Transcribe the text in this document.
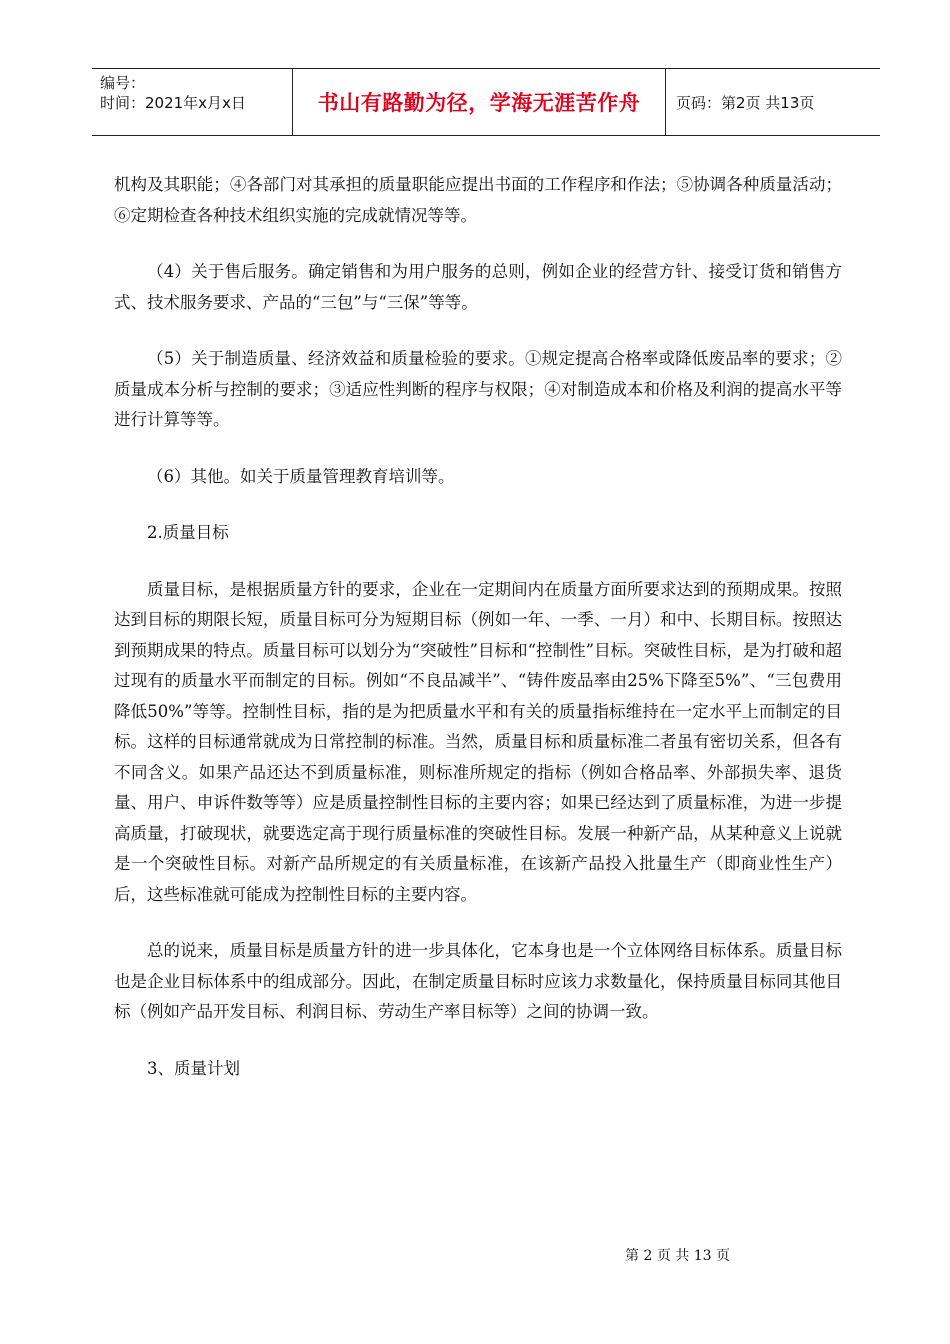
编号：
时间：2021年x月x日	书山有路勤为径，学海无涯苦作舟	页码：第2页 共13页

机构及其职能；④各部门对其承担的质量职能应提出书面的工作程序和作法；⑤协调各种质量活动；⑥定期检查各种技术组织实施的完成就情况等等。

（4）关于售后服务。确定销售和为用户服务的总则，例如企业的经营方针、接受订货和销售方式、技术服务要求、产品的“三包”与“三保”等等。

（5）关于制造质量、经济效益和质量检验的要求。①规定提高合格率或降低废品率的要求；②质量成本分析与控制的要求；③适应性判断的程序与权限；④对制造成本和价格及利润的提高水平等进行计算等等。

（6）其他。如关于质量管理教育培训等。

2.质量目标

质量目标，是根据质量方针的要求，企业在一定期间内在质量方面所要求达到的预期成果。按照达到目标的期限长短，质量目标可分为短期目标（例如一年、一季、一月）和中、长期目标。按照达到预期成果的特点。质量目标可以划分为“突破性”目标和“控制性”目标。突破性目标，是为打破和超过现有的质量水平而制定的目标。例如“不良品减半”、“铸件废品率由25%下降至5%”、“三包费用降低50%”等等。控制性目标，指的是为把质量水平和有关的质量指标维持在一定水平上而制定的目标。这样的目标通常就成为日常控制的标准。当然，质量目标和质量标准二者虽有密切关系，但各有不同含义。如果产品还达不到质量标准，则标准所规定的指标（例如合格品率、外部损失率、退货量、用户、申诉件数等等）应是质量控制性目标的主要内容；如果已经达到了质量标准，为进一步提高质量，打破现状，就要选定高于现行质量标准的突破性目标。发展一种新产品，从某种意义上说就是一个突破性目标。对新产品所规定的有关质量标准，在该新产品投入批量生产（即商业性生产）后，这些标准就可能成为控制性目标的主要内容。

总的说来，质量目标是质量方针的进一步具体化，它本身也是一个立体网络目标体系。质量目标也是企业目标体系中的组成部分。因此，在制定质量目标时应该力求数量化，保持质量目标同其他目标（例如产品开发目标、利润目标、劳动生产率目标等）之间的协调一致。

3、质量计划

第 2 页 共 13 页
